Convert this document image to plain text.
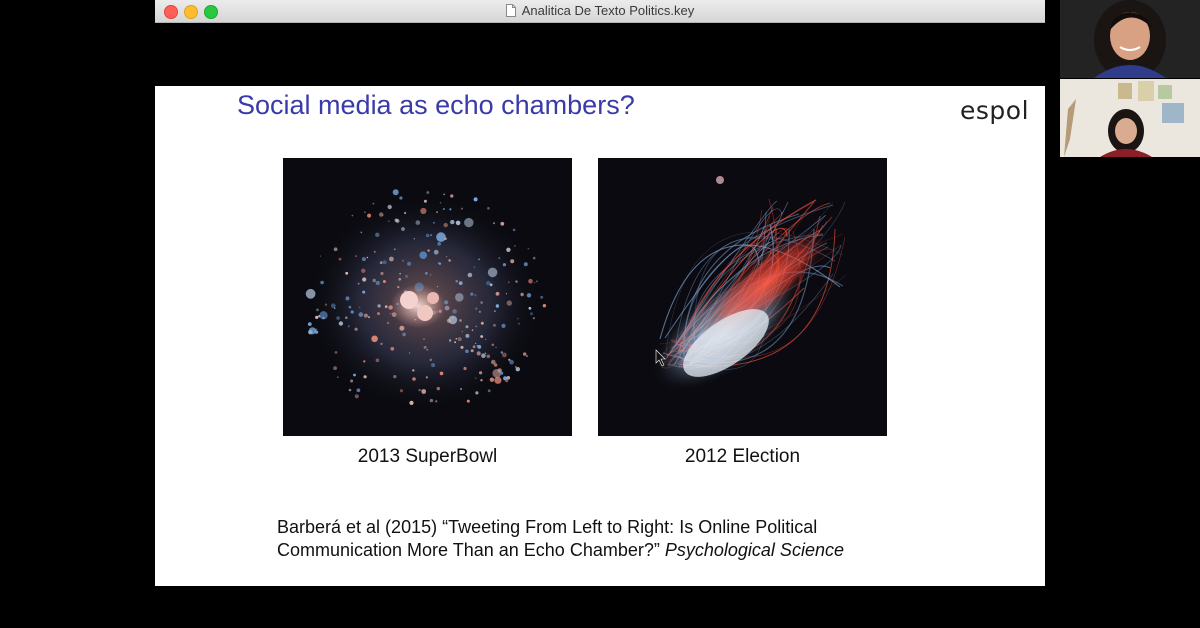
Analitica De Texto Politics.key
Social media as echo chambers?	espol
2013 SuperBowl	2012 Election
Barberá et al (2015) “Tweeting From Left to Right: Is Online Political
Communication More Than an Echo Chamber?” Psychological Science
